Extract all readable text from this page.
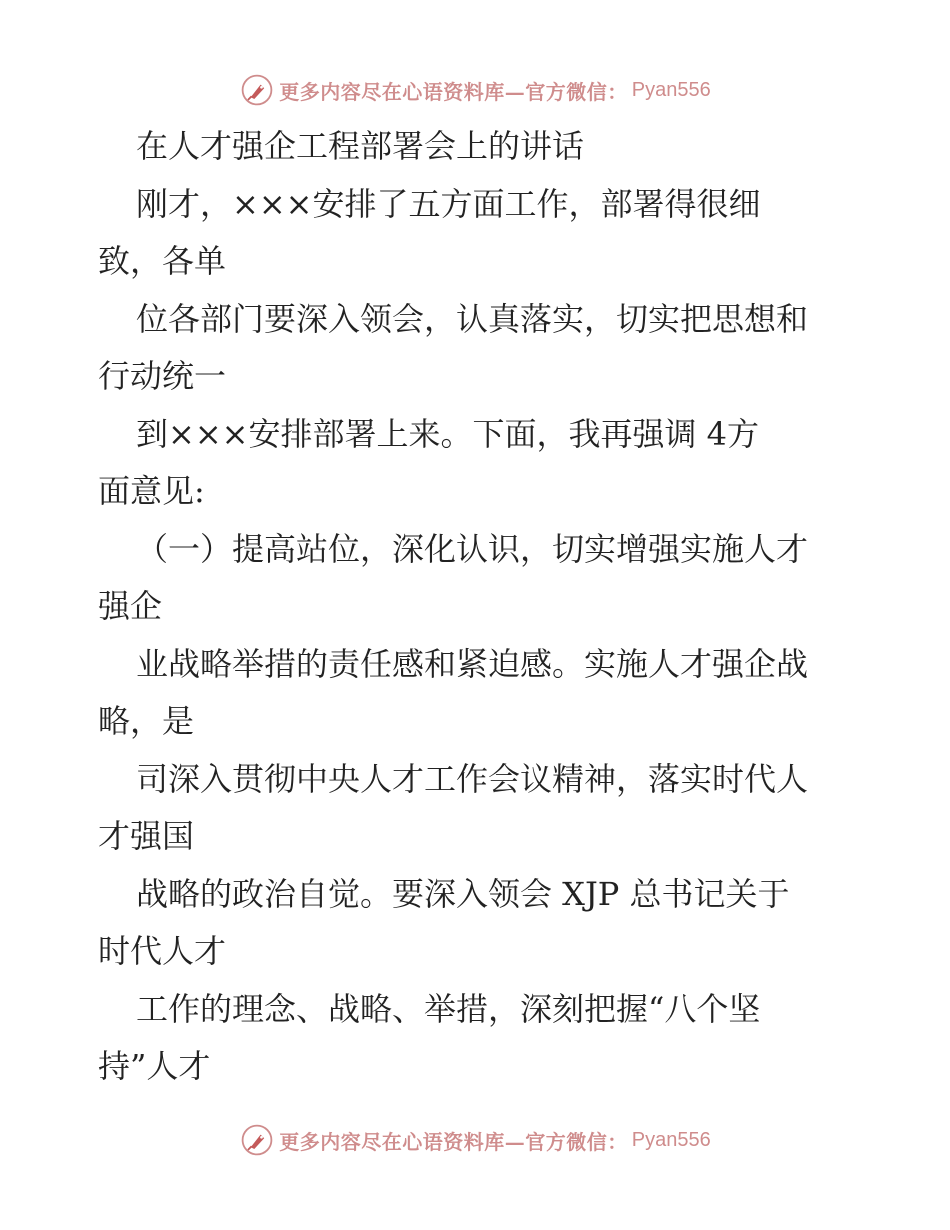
更多内容尽在心语资料库—官方微信： Pyan556
在人才强企工程部署会上的讲话
刚才，×××安排了五方面工作，部署得很细
致，各单
位各部门要深入领会，认真落实，切实把思想和
行动统一
到×××安排部署上来。下面，我再强调 4方
面意见:
（一）提高站位，深化认识，切实增强实施人才
强企
业战略举措的责任感和紧迫感。实施人才强企战
略，是
司深入贯彻中央人才工作会议精神，落实时代人
才强国
战略的政治自觉。要深入领会 XJP 总书记关于
时代人才
工作的理念、战略、举措，深刻把握“八个坚
持”人才
更多内容尽在心语资料库—官方微信： Pyan556
